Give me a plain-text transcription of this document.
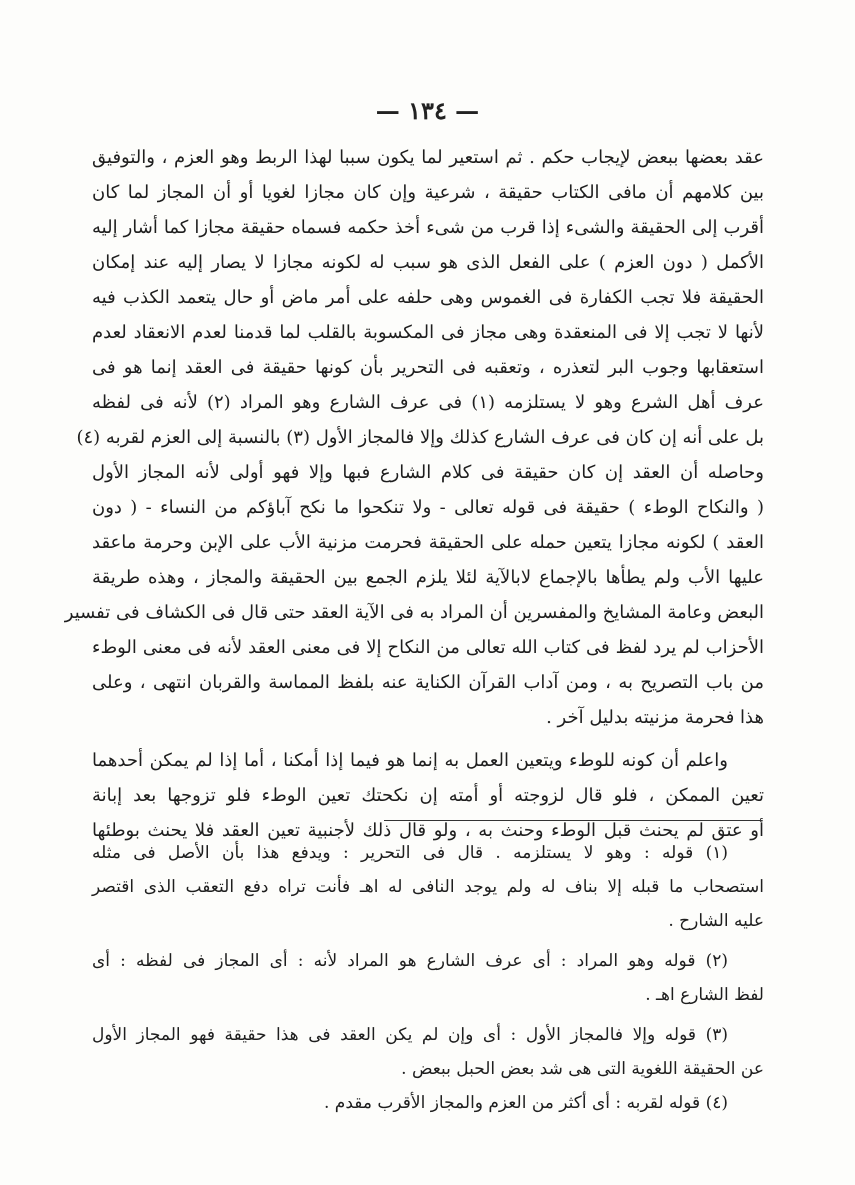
— ١٣٤ —
عقد بعضها ببعض لإيجاب حكم . ثم استعير لما يكون سببا لهذا الربط وهو العزم ، والتوفيق
بين كلامهم أن مافى الكتاب حقيقة ، شرعية وإن كان مجازا لغويا أو أن المجاز لما كان
أقرب إلى الحقيقة والشىء إذا قرب من شىء أخذ حكمه فسماه حقيقة مجازا كما أشار إليه
الأكمل ( دون العزم ) على الفعل الذى هو سبب له لكونه مجازا لا يصار إليه عند إمكان
الحقيقة فلا تجب الكفارة فى الغموس وهى حلفه على أمر ماض أو حال يتعمد الكذب فيه
لأنها لا تجب إلا فى المنعقدة وهى مجاز فى المكسوبة بالقلب لما قدمنا لعدم الانعقاد لعدم
استعقابها وجوب البر لتعذره ، وتعقبه فى التحرير بأن كونها حقيقة فى العقد إنما هو فى
عرف أهل الشرع وهو لا يستلزمه (١) فى عرف الشارع وهو المراد (٢) لأنه فى لفظه
بل على أنه إن كان فى عرف الشارع كذلك وإلا فالمجاز الأول (٣) بالنسبة إلى العزم لقربه (٤)
وحاصله أن العقد إن كان حقيقة فى كلام الشارع فبها وإلا فهو أولى لأنه المجاز الأول
( والنكاح الوطء ) حقيقة فى قوله تعالى - ولا تنكحوا ما نكح آباؤكم من النساء - ( دون
العقد ) لكونه مجازا يتعين حمله على الحقيقة فحرمت مزنية الأب على الإبن وحرمة ماعقد
عليها الأب ولم يطأها بالإجماع لابالآية لئلا يلزم الجمع بين الحقيقة والمجاز ، وهذه طريقة
البعض وعامة المشايخ والمفسرين أن المراد به فى الآية العقد حتى قال فى الكشاف فى تفسير
الأحزاب لم يرد لفظ فى كتاب الله تعالى من النكاح إلا فى معنى العقد لأنه فى معنى الوطء
من باب التصريح به ، ومن آداب القرآن الكناية عنه بلفظ المماسة والقربان انتهى ، وعلى
هذا فحرمة مزنيته بدليل آخر .
واعلم أن كونه للوطء ويتعين العمل به إنما هو فيما إذا أمكنا ، أما إذا لم يمكن أحدهما
تعين الممكن ، فلو قال لزوجته أو أمته إن نكحتك تعين الوطء فلو تزوجها بعد إبانة
أو عتق لم يحنث قبل الوطء وحنث به ، ولو قال ذلك لأجنبية تعين العقد فلا يحنث بوطئها
(١) قوله : وهو لا يستلزمه . قال فى التحرير : ويدفع هذا بأن الأصل فى مثله
استصحاب ما قبله إلا بناف له ولم يوجد النافى له اهـ فأنت تراه دفع التعقب الذى اقتصر
عليه الشارح .
(٢) قوله وهو المراد : أى عرف الشارع هو المراد لأنه : أى المجاز فى لفظه : أى
لفظ الشارع اهـ .
(٣) قوله وإلا فالمجاز الأول : أى وإن لم يكن العقد فى هذا حقيقة فهو المجاز الأول
عن الحقيقة اللغوية التى هى شد بعض الحبل ببعض .
(٤) قوله لقربه : أى أكثر من العزم والمجاز الأقرب مقدم .
